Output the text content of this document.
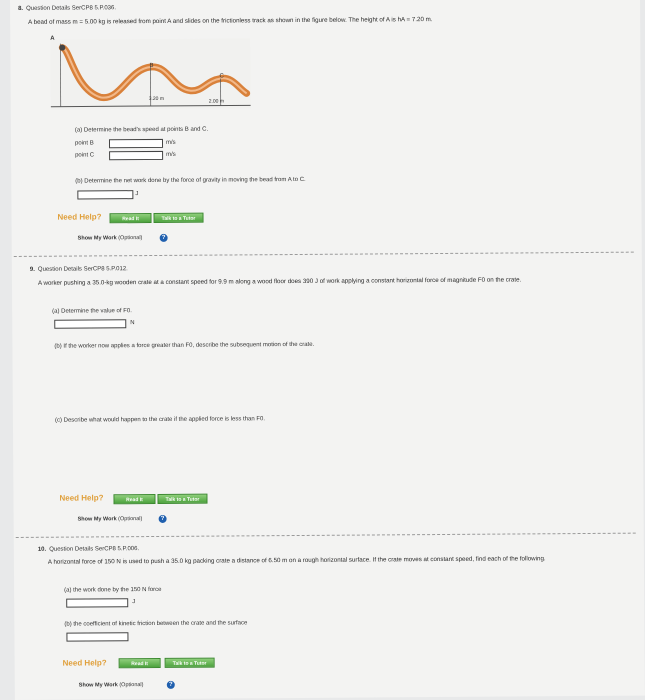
8. Question Details SerCP8 5.P.036.
A bead of mass m = 5.00 kg is released from point A and slides on the frictionless track as shown in the figure below. The height of A is hA = 7.20 m.
A
B
C
3.20 m	2.00 m
(a) Determine the bead's speed at points B and C.
point B	m/s
point C	m/s
(b) Determine the net work done by the force of gravity in moving the bead from A to C.
J
Need Help?	Read It	Talk to a Tutor
Show My Work (Optional)	?
9. Question Details SerCP8 5.P.012.
A worker pushing a 35.0-kg wooden crate at a constant speed for 9.9 m along a wood floor does 390 J of work applying a constant horizontal force of magnitude F0 on the crate.
(a) Determine the value of F0.
N
(b) If the worker now applies a force greater than F0, describe the subsequent motion of the crate.
(c) Describe what would happen to the crate if the applied force is less than F0.
Need Help?	Read It	Talk to a Tutor
Show My Work (Optional)	?
10. Question Details SerCP8 5.P.006.
A horizontal force of 150 N is used to push a 35.0 kg packing crate a distance of 6.50 m on a rough horizontal surface. If the crate moves at constant speed, find each of the following.
(a) the work done by the 150 N force
J
(b) the coefficient of kinetic friction between the crate and the surface
Need Help?	Read It	Talk to a Tutor
Show My Work (Optional)	?
